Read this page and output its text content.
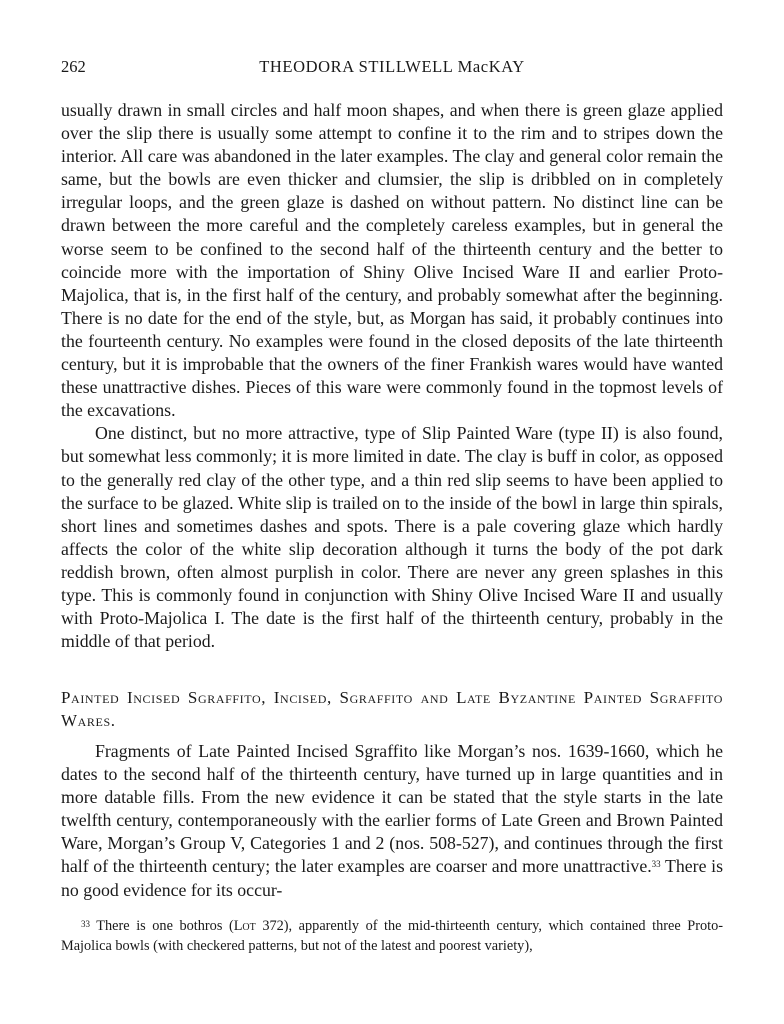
262	THEODORA STILLWELL MacKAY

usually drawn in small circles and half moon shapes, and when there is green glaze applied over the slip there is usually some attempt to confine it to the rim and to stripes down the interior. All care was abandoned in the later examples. The clay and general color remain the same, but the bowls are even thicker and clumsier, the slip is dribbled on in completely irregular loops, and the green glaze is dashed on without pattern. No distinct line can be drawn between the more careful and the completely careless examples, but in general the worse seem to be confined to the second half of the thirteenth century and the better to coincide more with the importation of Shiny Olive Incised Ware II and earlier Proto-Majolica, that is, in the first half of the century, and probably somewhat after the beginning. There is no date for the end of the style, but, as Morgan has said, it probably continues into the fourteenth century. No examples were found in the closed deposits of the late thirteenth century, but it is improbable that the owners of the finer Frankish wares would have wanted these unattractive dishes. Pieces of this ware were commonly found in the topmost levels of the excavations.

One distinct, but no more attractive, type of Slip Painted Ware (type II) is also found, but somewhat less commonly; it is more limited in date. The clay is buff in color, as opposed to the generally red clay of the other type, and a thin red slip seems to have been applied to the surface to be glazed. White slip is trailed on to the inside of the bowl in large thin spirals, short lines and sometimes dashes and spots. There is a pale covering glaze which hardly affects the color of the white slip decoration although it turns the body of the pot dark reddish brown, often almost purplish in color. There are never any green splashes in this type. This is commonly found in conjunction with Shiny Olive Incised Ware II and usually with Proto-Majolica I. The date is the first half of the thirteenth century, probably in the middle of that period.

Painted Incised Sgraffito, Incised, Sgraffito and Late Byzantine Painted Sgraffito Wares.

Fragments of Late Painted Incised Sgraffito like Morgan’s nos. 1639-1660, which he dates to the second half of the thirteenth century, have turned up in large quantities and in more datable fills. From the new evidence it can be stated that the style starts in the late twelfth century, contemporaneously with the earlier forms of Late Green and Brown Painted Ware, Morgan’s Group V, Categories 1 and 2 (nos. 508-527), and continues through the first half of the thirteenth century; the later examples are coarser and more unattractive.$^{33}$ There is no good evidence for its occur-

$^{33}$ There is one bothros (Lot 372), apparently of the mid-thirteenth century, which contained three Proto-Majolica bowls (with checkered patterns, but not of the latest and poorest variety),
